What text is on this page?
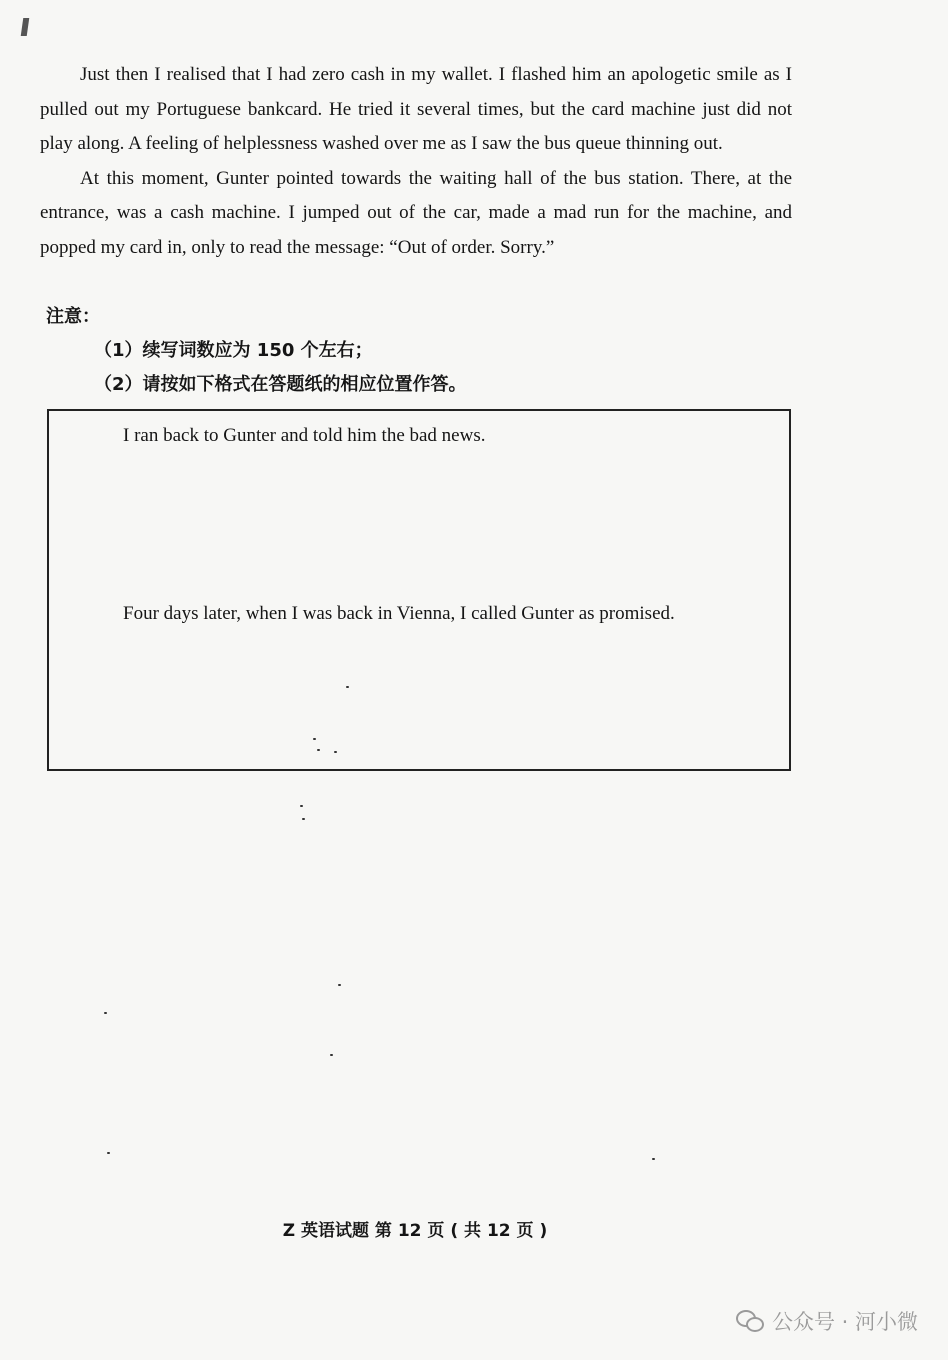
Just then I realised that I had zero cash in my wallet. I flashed him an apologetic smile as I pulled out my Portuguese bankcard. He tried it several times, but the card machine just did not play along. A feeling of helplessness washed over me as I saw the bus queue thinning out.

At this moment, Gunter pointed towards the waiting hall of the bus station. There, at the entrance, was a cash machine. I jumped out of the car, made a mad run for the machine, and popped my card in, only to read the message: “Out of order. Sorry.”

注意：
（1）续写词数应为 150 个左右；
（2）请按如下格式在答题纸的相应位置作答。
I ran back to Gunter and told him the bad news.
Four days later, when I was back in Vienna, I called Gunter as promised.
Z 英语试题 第 12 页 ( 共 12 页 )
公众号 · 河小微
